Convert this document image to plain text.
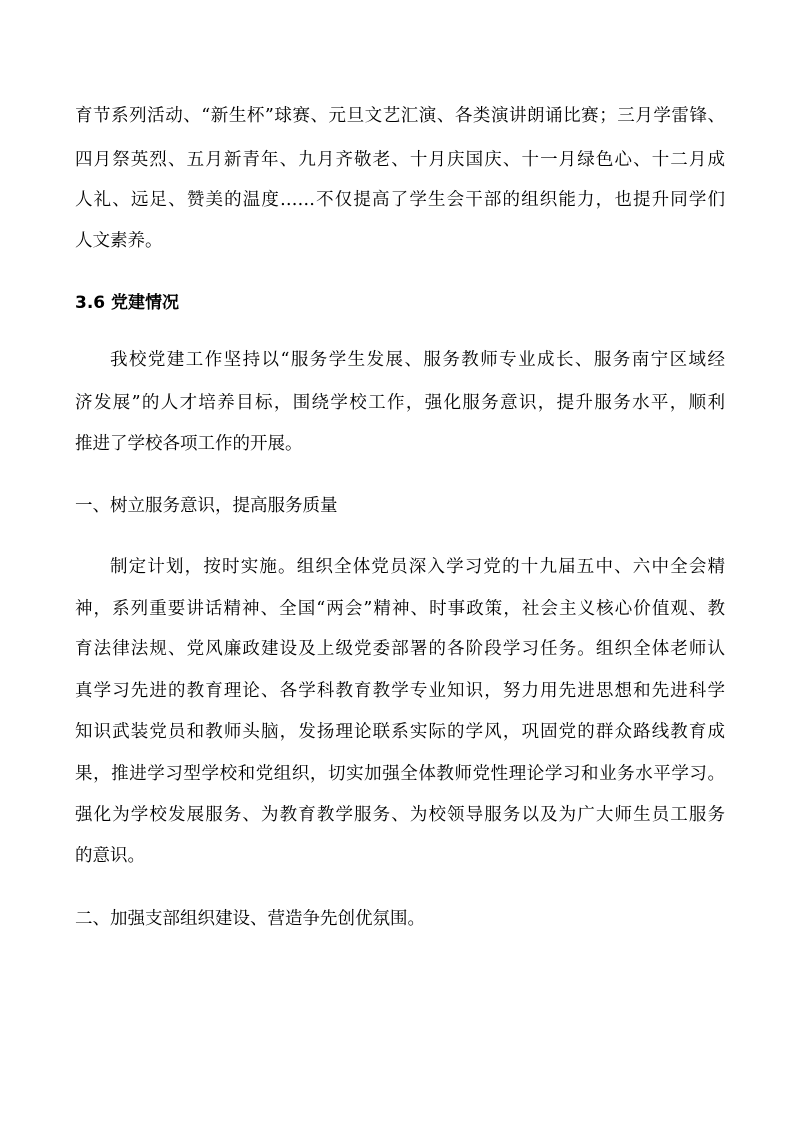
育节系列活动、“新生杯”球赛、元旦文艺汇演、各类演讲朗诵比赛；三月学雷锋、
四月祭英烈、五月新青年、九月齐敬老、十月庆国庆、十一月绿色心、十二月成
人礼、远足、赞美的温度……不仅提高了学生会干部的组织能力，也提升同学们
人文素养。
3.6 党建情况
我校党建工作坚持以“服务学生发展、服务教师专业成长、服务南宁区域经
济发展”的人才培养目标，围绕学校工作，强化服务意识，提升服务水平，顺利
推进了学校各项工作的开展。
一、树立服务意识，提高服务质量
制定计划，按时实施。组织全体党员深入学习党的十九届五中、六中全会精
神，系列重要讲话精神、全国“两会”精神、时事政策，社会主义核心价值观、教
育法律法规、党风廉政建设及上级党委部署的各阶段学习任务。组织全体老师认
真学习先进的教育理论、各学科教育教学专业知识，努力用先进思想和先进科学
知识武装党员和教师头脑，发扬理论联系实际的学风，巩固党的群众路线教育成
果，推进学习型学校和党组织，切实加强全体教师党性理论学习和业务水平学习。
强化为学校发展服务、为教育教学服务、为校领导服务以及为广大师生员工服务
的意识。
二、加强支部组织建设、营造争先创优氛围。
